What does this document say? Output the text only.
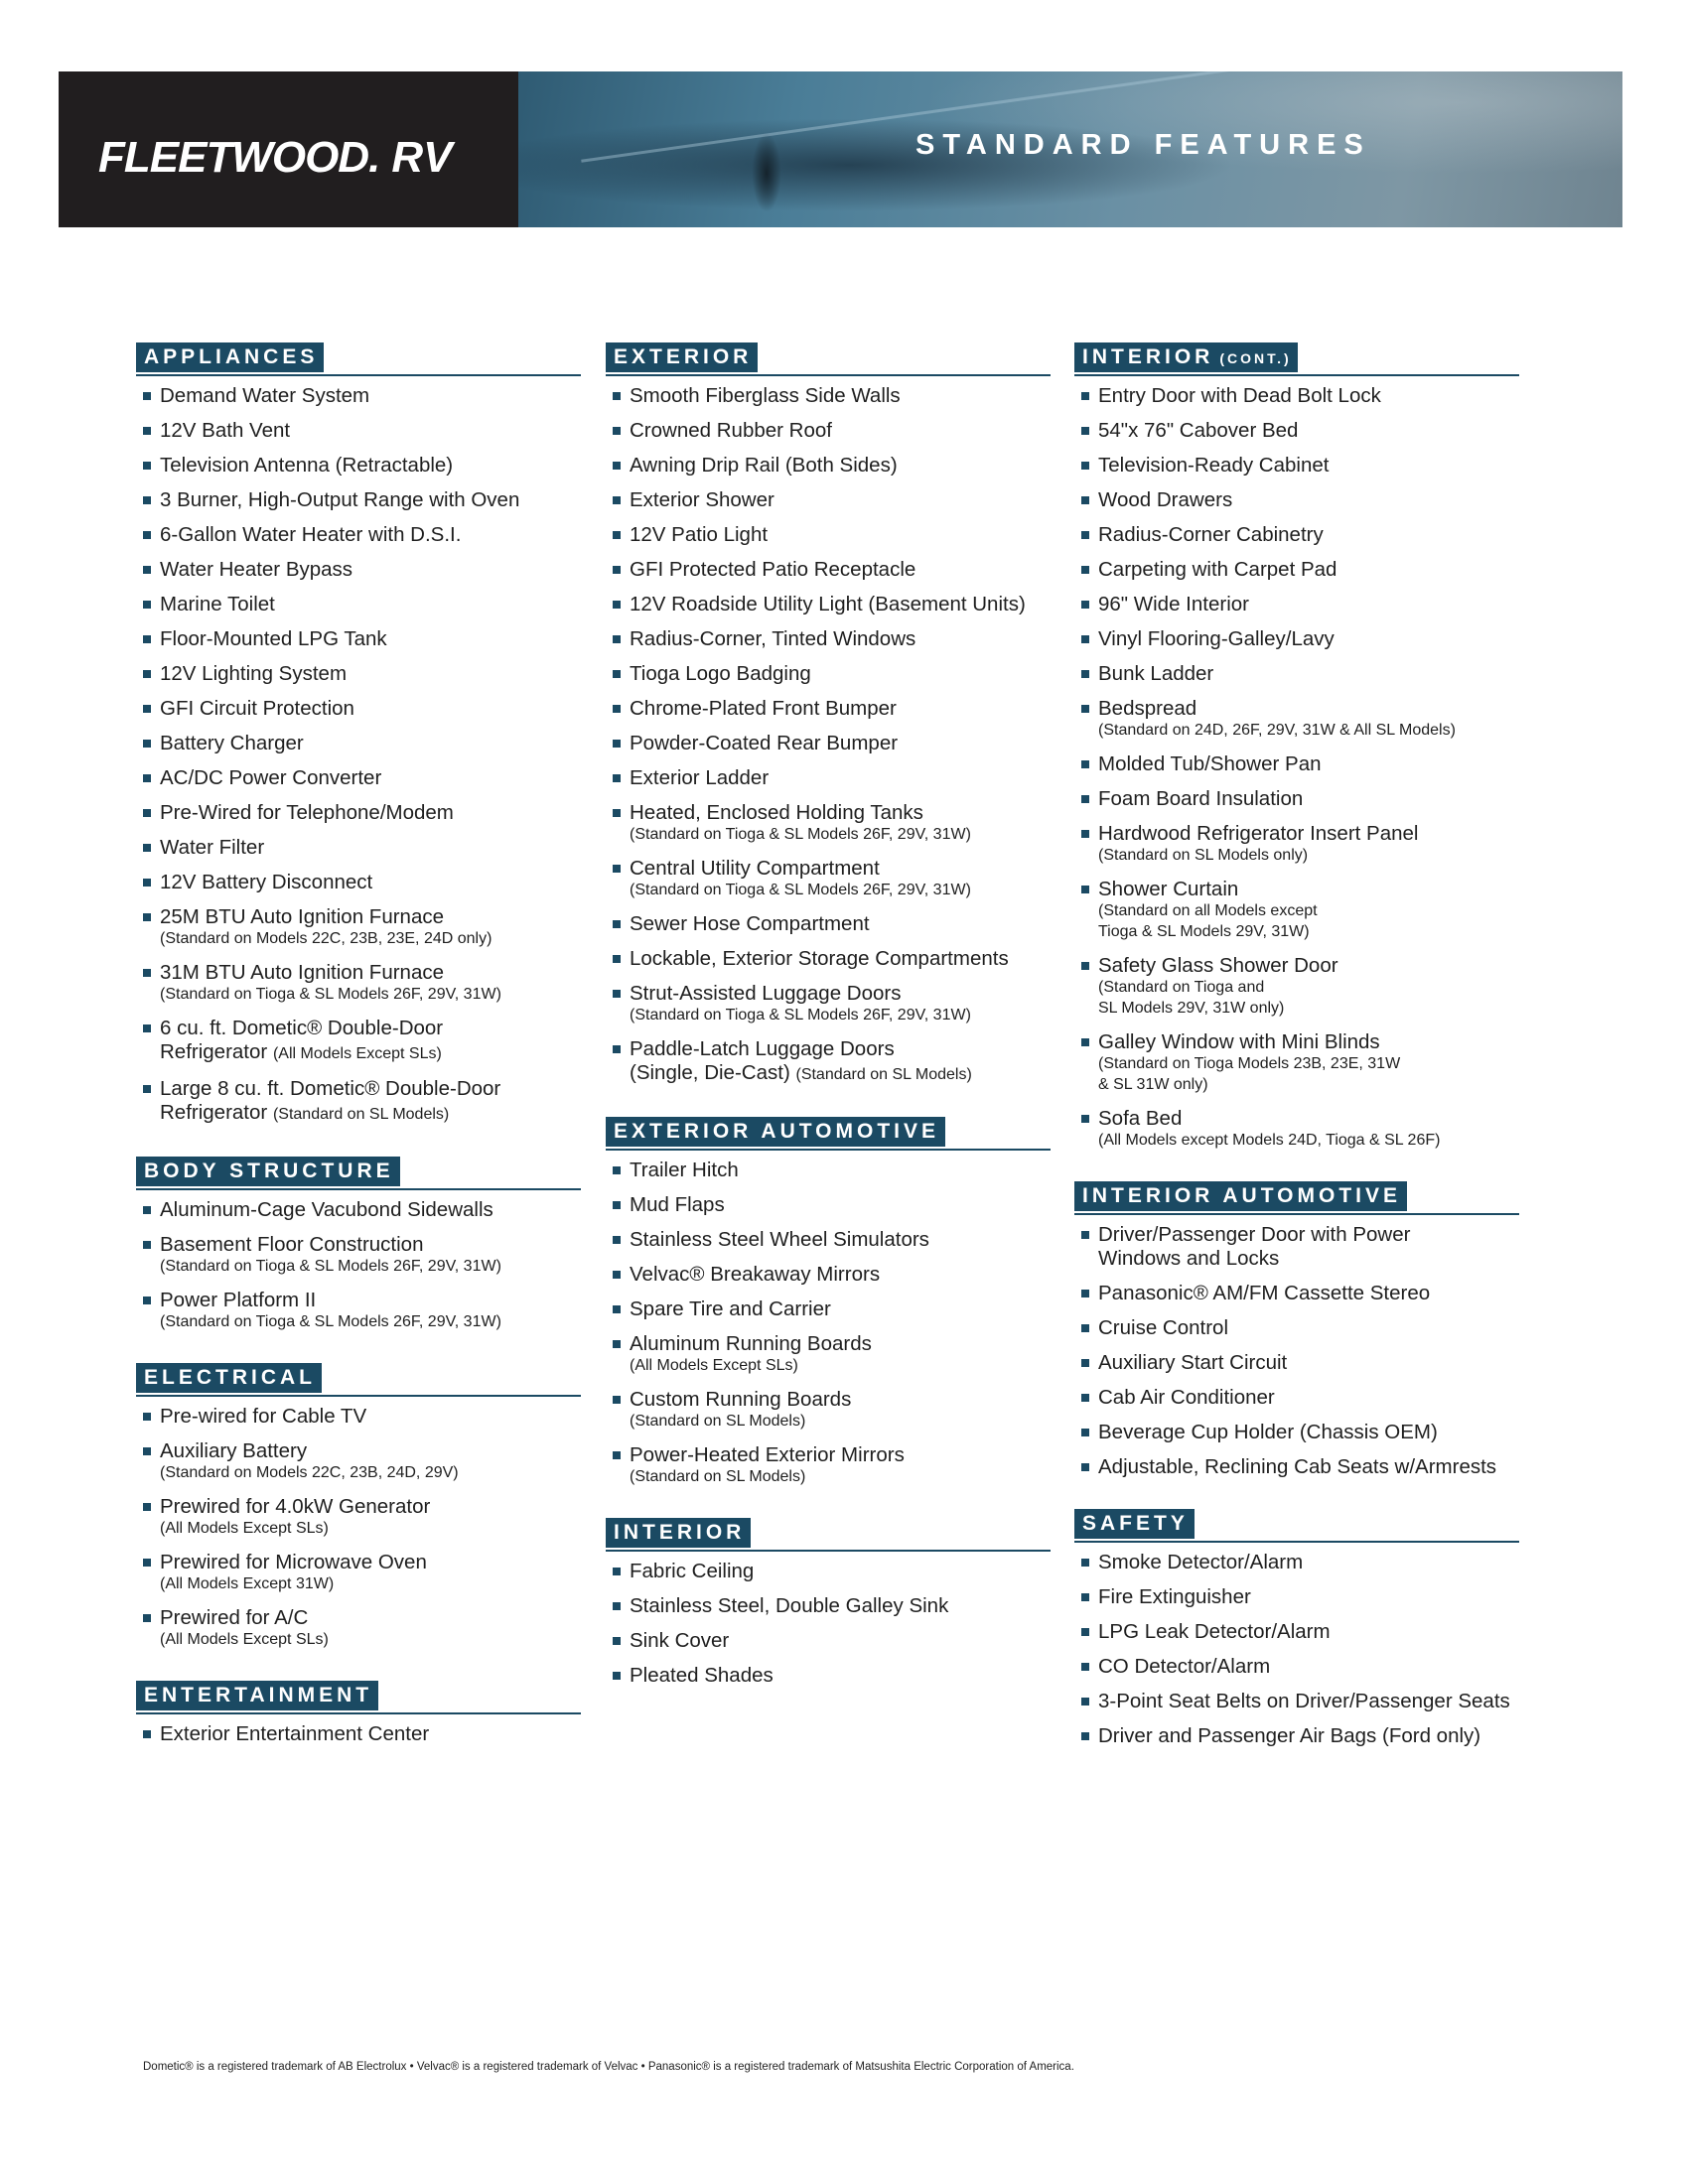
FLEETWOOD. RV	STANDARD FEATURES
APPLIANCES
Demand Water System
12V Bath Vent
Television Antenna (Retractable)
3 Burner, High-Output Range with Oven
6-Gallon Water Heater with D.S.I.
Water Heater Bypass
Marine Toilet
Floor-Mounted LPG Tank
12V Lighting System
GFI Circuit Protection
Battery Charger
AC/DC Power Converter
Pre-Wired for Telephone/Modem
Water Filter
12V Battery Disconnect
25M BTU Auto Ignition Furnace
(Standard on Models 22C, 23B, 23E, 24D only)
31M BTU Auto Ignition Furnace
(Standard on Tioga & SL Models 26F, 29V, 31W)
6 cu. ft. Dometic® Double-Door
Refrigerator (All Models Except SLs)
Large 8 cu. ft. Dometic® Double-Door
Refrigerator (Standard on SL Models)
BODY STRUCTURE
Aluminum-Cage Vacubond Sidewalls
Basement Floor Construction
(Standard on Tioga & SL Models 26F, 29V, 31W)
Power Platform II
(Standard on Tioga & SL Models 26F, 29V, 31W)
ELECTRICAL
Pre-wired for Cable TV
Auxiliary Battery
(Standard on Models 22C, 23B, 24D, 29V)
Prewired for 4.0kW Generator
(All Models Except SLs)
Prewired for Microwave Oven
(All Models Except 31W)
Prewired for A/C
(All Models Except SLs)
ENTERTAINMENT
Exterior Entertainment Center
EXTERIOR
Smooth Fiberglass Side Walls
Crowned Rubber Roof
Awning Drip Rail (Both Sides)
Exterior Shower
12V Patio Light
GFI Protected Patio Receptacle
12V Roadside Utility Light (Basement Units)
Radius-Corner, Tinted Windows
Tioga Logo Badging
Chrome-Plated Front Bumper
Powder-Coated Rear Bumper
Exterior Ladder
Heated, Enclosed Holding Tanks
(Standard on Tioga & SL Models 26F, 29V, 31W)
Central Utility Compartment
(Standard on Tioga & SL Models 26F, 29V, 31W)
Sewer Hose Compartment
Lockable, Exterior Storage Compartments
Strut-Assisted Luggage Doors
(Standard on Tioga & SL Models 26F, 29V, 31W)
Paddle-Latch Luggage Doors
(Single, Die-Cast) (Standard on SL Models)
EXTERIOR AUTOMOTIVE
Trailer Hitch
Mud Flaps
Stainless Steel Wheel Simulators
Velvac® Breakaway Mirrors
Spare Tire and Carrier
Aluminum Running Boards
(All Models Except SLs)
Custom Running Boards
(Standard on SL Models)
Power-Heated Exterior Mirrors
(Standard on SL Models)
INTERIOR
Fabric Ceiling
Stainless Steel, Double Galley Sink
Sink Cover
Pleated Shades
INTERIOR (CONT.)
Entry Door with Dead Bolt Lock
54"x 76" Cabover Bed
Television-Ready Cabinet
Wood Drawers
Radius-Corner Cabinetry
Carpeting with Carpet Pad
96" Wide Interior
Vinyl Flooring-Galley/Lavy
Bunk Ladder
Bedspread
(Standard on 24D, 26F, 29V, 31W & All SL Models)
Molded Tub/Shower Pan
Foam Board Insulation
Hardwood Refrigerator Insert Panel
(Standard on SL Models only)
Shower Curtain
(Standard on all Models except
Tioga & SL Models 29V, 31W)
Safety Glass Shower Door
(Standard on Tioga and
SL Models 29V, 31W only)
Galley Window with Mini Blinds
(Standard on Tioga Models 23B, 23E, 31W
& SL 31W only)
Sofa Bed
(All Models except Models 24D, Tioga & SL 26F)
INTERIOR AUTOMOTIVE
Driver/Passenger Door with Power
Windows and Locks
Panasonic® AM/FM Cassette Stereo
Cruise Control
Auxiliary Start Circuit
Cab Air Conditioner
Beverage Cup Holder (Chassis OEM)
Adjustable, Reclining Cab Seats w/Armrests
SAFETY
Smoke Detector/Alarm
Fire Extinguisher
LPG Leak Detector/Alarm
CO Detector/Alarm
3-Point Seat Belts on Driver/Passenger Seats
Driver and Passenger Air Bags (Ford only)
Dometic® is a registered trademark of AB Electrolux • Velvac® is a registered trademark of Velvac • Panasonic® is a registered trademark of Matsushita Electric Corporation of America.
